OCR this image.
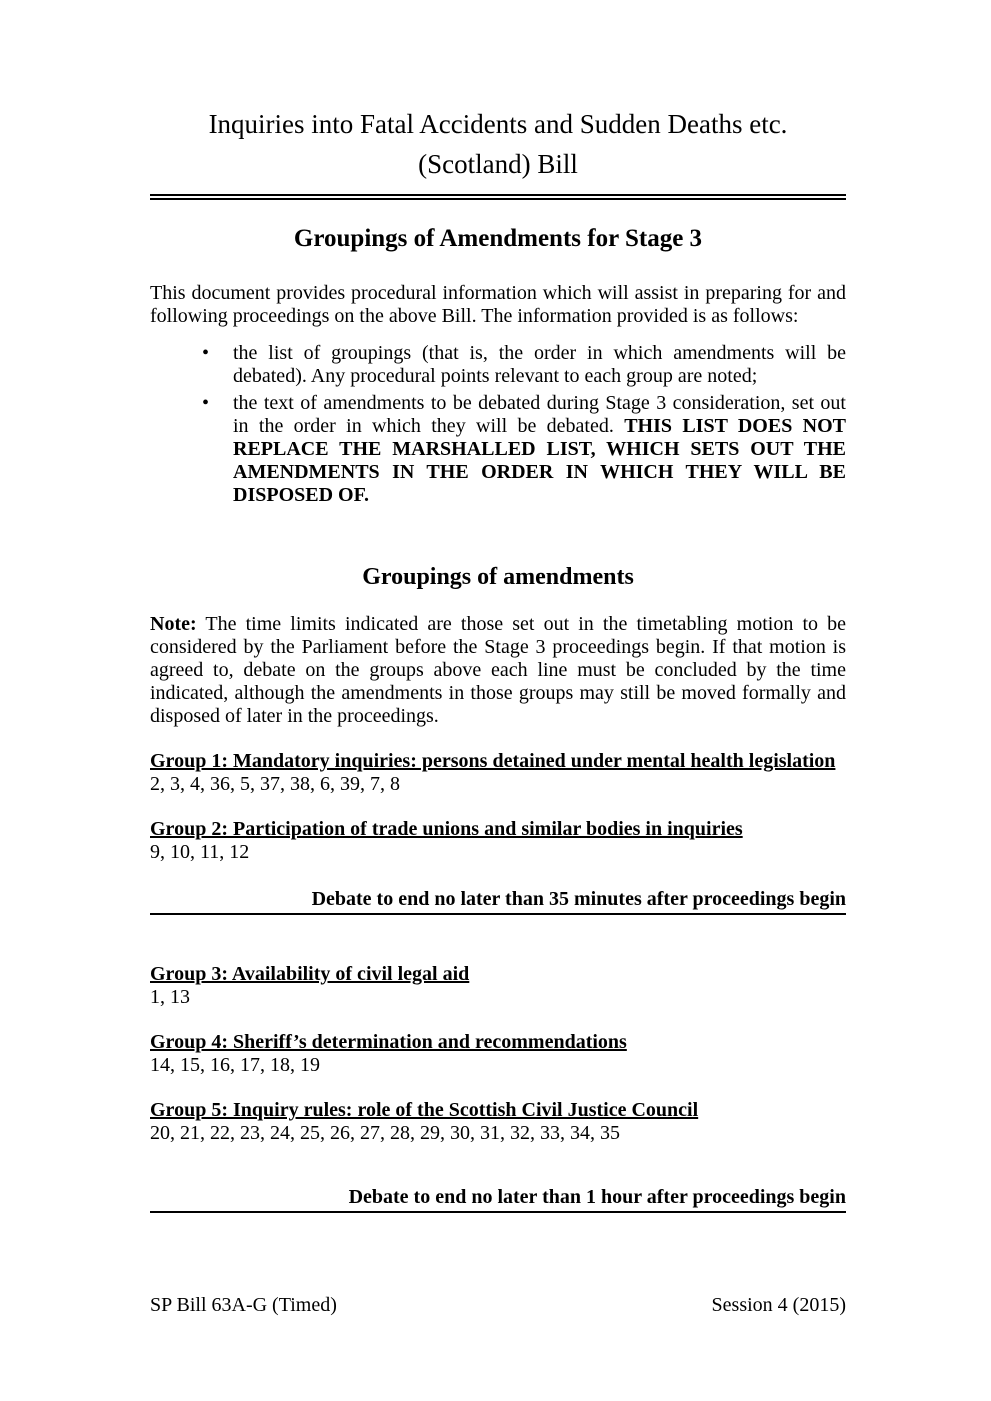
Inquiries into Fatal Accidents and Sudden Deaths etc.
(Scotland) Bill
Groupings of Amendments for Stage 3
This document provides procedural information which will assist in preparing for and following proceedings on the above Bill. The information provided is as follows:
• the list of groupings (that is, the order in which amendments will be debated). Any procedural points relevant to each group are noted;
• the text of amendments to be debated during Stage 3 consideration, set out in the order in which they will be debated. THIS LIST DOES NOT REPLACE THE MARSHALLED LIST, WHICH SETS OUT THE AMENDMENTS IN THE ORDER IN WHICH THEY WILL BE DISPOSED OF.
Groupings of amendments
Note: The time limits indicated are those set out in the timetabling motion to be considered by the Parliament before the Stage 3 proceedings begin. If that motion is agreed to, debate on the groups above each line must be concluded by the time indicated, although the amendments in those groups may still be moved formally and disposed of later in the proceedings.
Group 1: Mandatory inquiries: persons detained under mental health legislation
2, 3, 4, 36, 5, 37, 38, 6, 39, 7, 8
Group 2: Participation of trade unions and similar bodies in inquiries
9, 10, 11, 12
Debate to end no later than 35 minutes after proceedings begin
Group 3: Availability of civil legal aid
1, 13
Group 4: Sheriff’s determination and recommendations
14, 15, 16, 17, 18, 19
Group 5: Inquiry rules: role of the Scottish Civil Justice Council
20, 21, 22, 23, 24, 25, 26, 27, 28, 29, 30, 31, 32, 33, 34, 35
Debate to end no later than 1 hour after proceedings begin
SP Bill 63A-G (Timed)	Session 4 (2015)
